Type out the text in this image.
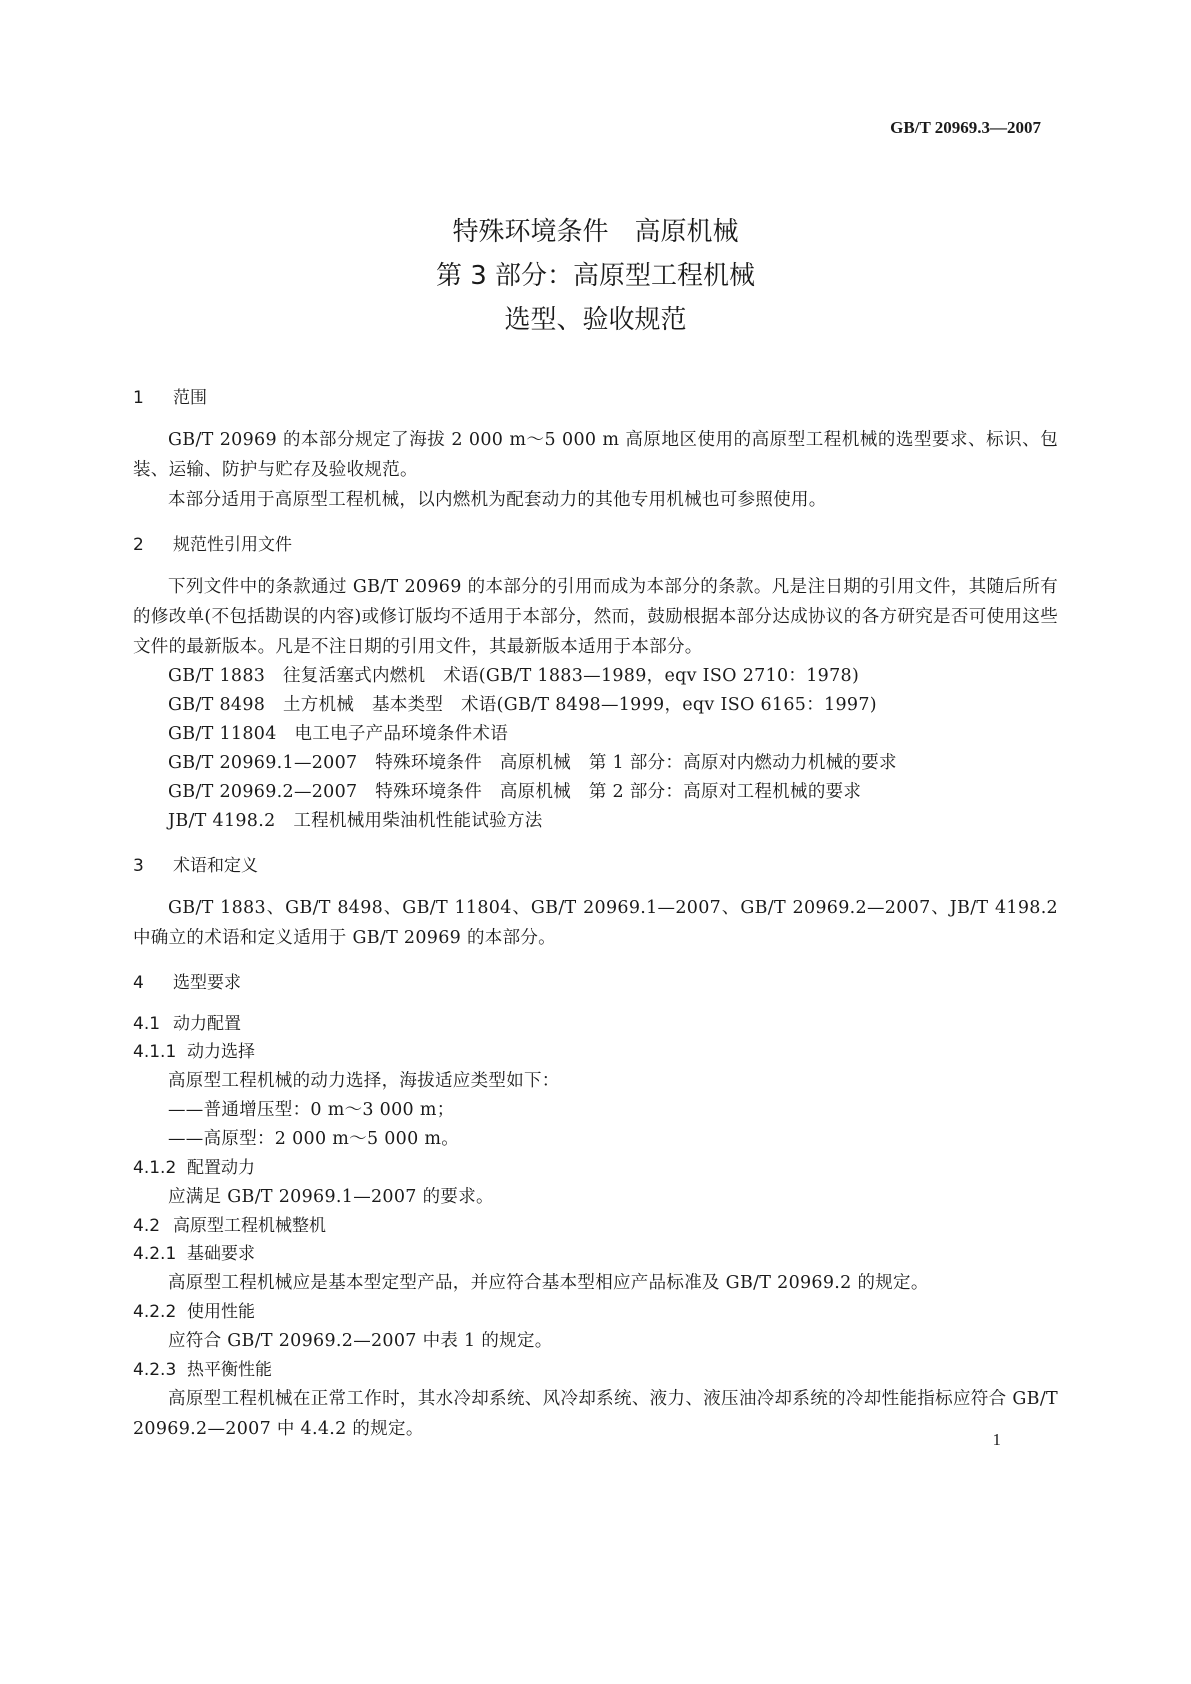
GB/T 20969.3—2007
特殊环境条件　高原机械
第 3 部分：高原型工程机械
选型、验收规范
1 范围

GB/T 20969 的本部分规定了海拔 2 000 m～5 000 m 高原地区使用的高原型工程机械的选型要求、标识、包装、运输、防护与贮存及验收规范。

本部分适用于高原型工程机械，以内燃机为配套动力的其他专用机械也可参照使用。

2 规范性引用文件

下列文件中的条款通过 GB/T 20969 的本部分的引用而成为本部分的条款。凡是注日期的引用文件，其随后所有的修改单(不包括勘误的内容)或修订版均不适用于本部分，然而，鼓励根据本部分达成协议的各方研究是否可使用这些文件的最新版本。凡是不注日期的引用文件，其最新版本适用于本部分。

GB/T 1883　往复活塞式内燃机　术语(GB/T 1883—1989，eqv ISO 2710：1978)

GB/T 8498　土方机械　基本类型　术语(GB/T 8498—1999，eqv ISO 6165：1997)

GB/T 11804　电工电子产品环境条件术语

GB/T 20969.1—2007　特殊环境条件　高原机械　第 1 部分：高原对内燃动力机械的要求

GB/T 20969.2—2007　特殊环境条件　高原机械　第 2 部分：高原对工程机械的要求

JB/T 4198.2　工程机械用柴油机性能试验方法

3 术语和定义

GB/T 1883、GB/T 8498、GB/T 11804、GB/T 20969.1—2007、GB/T 20969.2—2007、JB/T 4198.2 中确立的术语和定义适用于 GB/T 20969 的本部分。

4 选型要求
4.1 动力配置
4.1.1 动力选择

高原型工程机械的动力选择，海拔适应类型如下：

——普通增压型：0 m～3 000 m；

——高原型：2 000 m～5 000 m。

4.1.2 配置动力

应满足 GB/T 20969.1—2007 的要求。

4.2 高原型工程机械整机
4.2.1 基础要求

高原型工程机械应是基本型定型产品，并应符合基本型相应产品标准及 GB/T 20969.2 的规定。

4.2.2 使用性能

应符合 GB/T 20969.2—2007 中表 1 的规定。

4.2.3 热平衡性能

高原型工程机械在正常工作时，其水冷却系统、风冷却系统、液力、液压油冷却系统的冷却性能指标应符合 GB/T 20969.2—2007 中 4.4.2 的规定。

1
